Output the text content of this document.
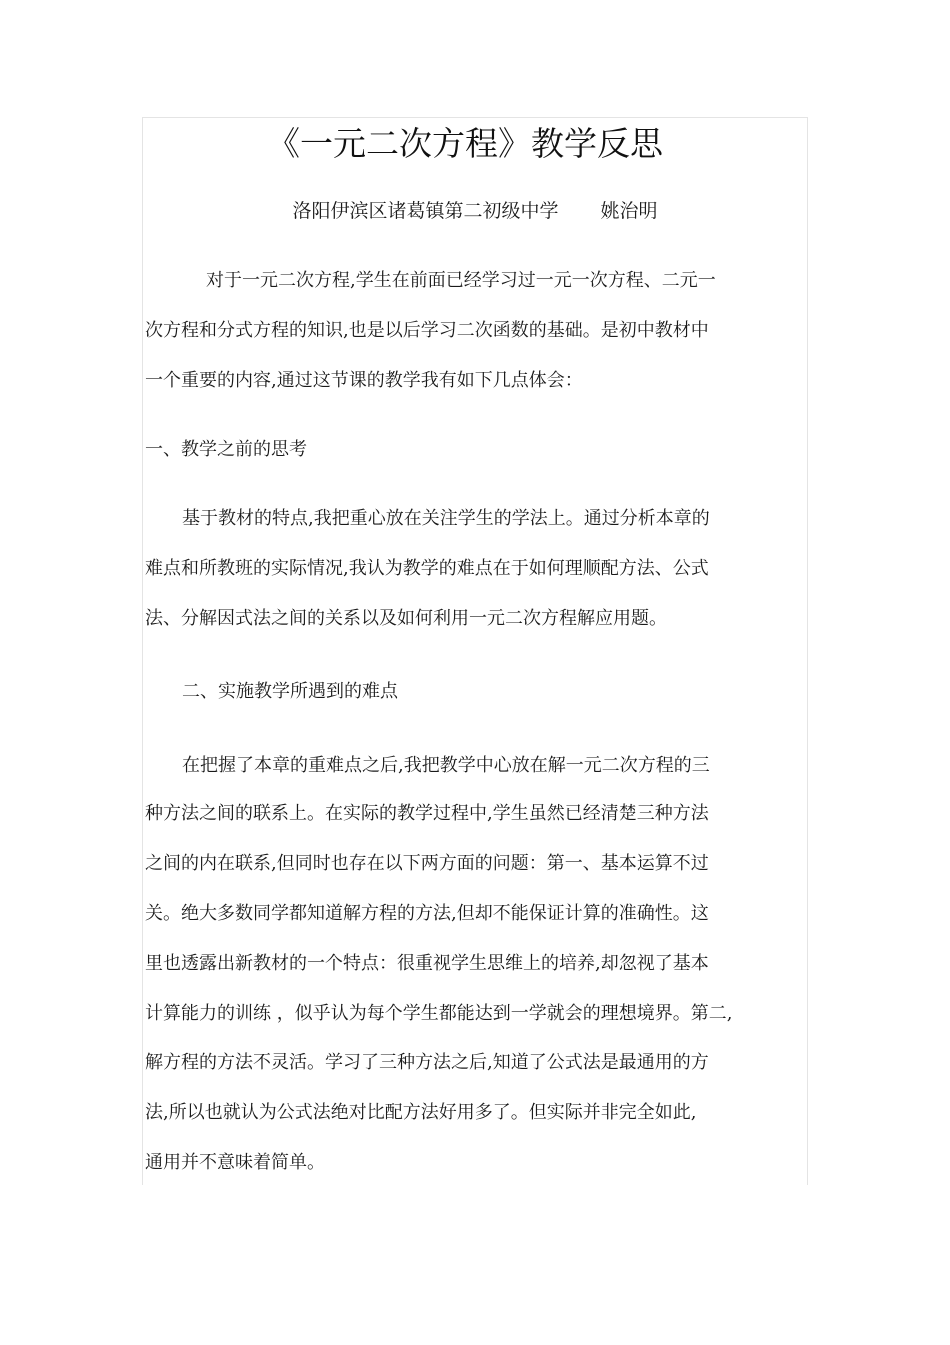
《一元二次方程》教学反思

洛阳伊滨区诸葛镇第二初级中学 姚治明

对于一元二次方程,学生在前面已经学习过一元一次方程、二元一

次方程和分式方程的知识,也是以后学习二次函数的基础。是初中教材中

一个重要的内容,通过这节课的教学我有如下几点体会：

一、教学之前的思考

基于教材的特点,我把重心放在关注学生的学法上。通过分析本章的

难点和所教班的实际情况,我认为教学的难点在于如何理顺配方法、公式

法、分解因式法之间的关系以及如何利用一元二次方程解应用题。

二、实施教学所遇到的难点

在把握了本章的重难点之后,我把教学中心放在解一元二次方程的三

种方法之间的联系上。在实际的教学过程中,学生虽然已经清楚三种方法

之间的内在联系,但同时也存在以下两方面的问题：第一、基本运算不过

关。绝大多数同学都知道解方程的方法,但却不能保证计算的准确性。这

里也透露出新教材的一个特点：很重视学生思维上的培养,却忽视了基本

计算能力的训练 ，似乎认为每个学生都能达到一学就会的理想境界。第二,

解方程的方法不灵活。学习了三种方法之后,知道了公式法是最通用的方

法,所以也就认为公式法绝对比配方法好用多了。但实际并非完全如此,

通用并不意味着简单。
